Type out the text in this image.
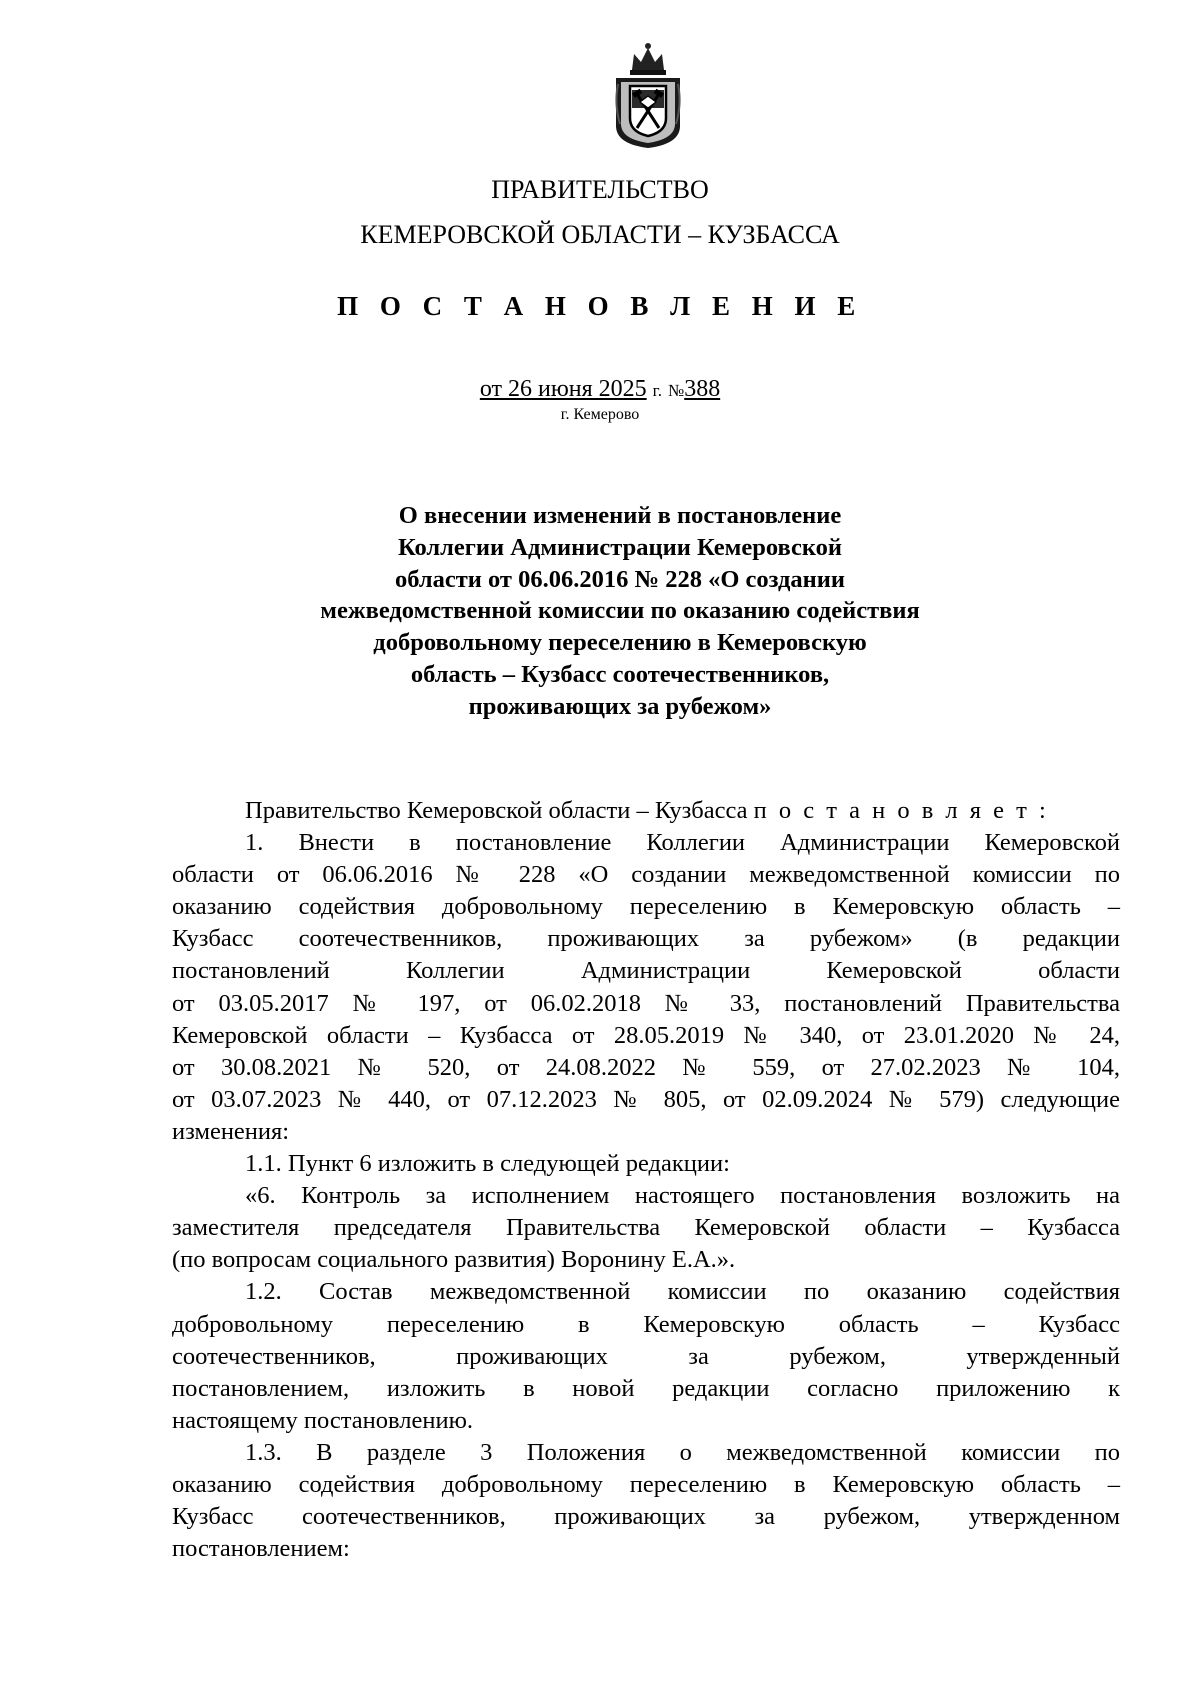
ПРАВИТЕЛЬСТВО
КЕМЕРОВСКОЙ ОБЛАСТИ – КУЗБАССА
П О С Т А Н О В Л Е Н И Е
от 26 июня 2025 г. №388
г. Кемерово
О внесении изменений в постановление
Коллегии Администрации Кемеровской
области от 06.06.2016 № 228 «О создании
межведомственной комиссии по оказанию содействия
добровольному переселению в Кемеровскую
область – Кузбасс соотечественников,
проживающих за рубежом»
Правительство Кемеровской области – Кузбасса п о с т а н о в л я е т :
1. Внести в постановление Коллегии Администрации Кемеровской
области от 06.06.2016 № 228 «О создании межведомственной комиссии по
оказанию содействия добровольному переселению в Кемеровскую область –
Кузбасс соотечественников, проживающих за рубежом» (в редакции
постановлений Коллегии Администрации Кемеровской области
от 03.05.2017 № 197, от 06.02.2018 № 33, постановлений Правительства
Кемеровской области – Кузбасса от 28.05.2019 № 340, от 23.01.2020 № 24,
от 30.08.2021 № 520, от 24.08.2022 № 559, от 27.02.2023 № 104,
от 03.07.2023 № 440, от 07.12.2023 № 805, от 02.09.2024 № 579) следующие
изменения:
1.1. Пункт 6 изложить в следующей редакции:
«6. Контроль за исполнением настоящего постановления возложить на
заместителя председателя Правительства Кемеровской области – Кузбасса
(по вопросам социального развития) Воронину Е.А.».
1.2. Состав межведомственной комиссии по оказанию содействия
добровольному переселению в Кемеровскую область – Кузбасс
соотечественников, проживающих за рубежом, утвержденный
постановлением, изложить в новой редакции согласно приложению к
настоящему постановлению.
1.3. В разделе 3 Положения о межведомственной комиссии по
оказанию содействия добровольному переселению в Кемеровскую область –
Кузбасс соотечественников, проживающих за рубежом, утвержденном
постановлением:
